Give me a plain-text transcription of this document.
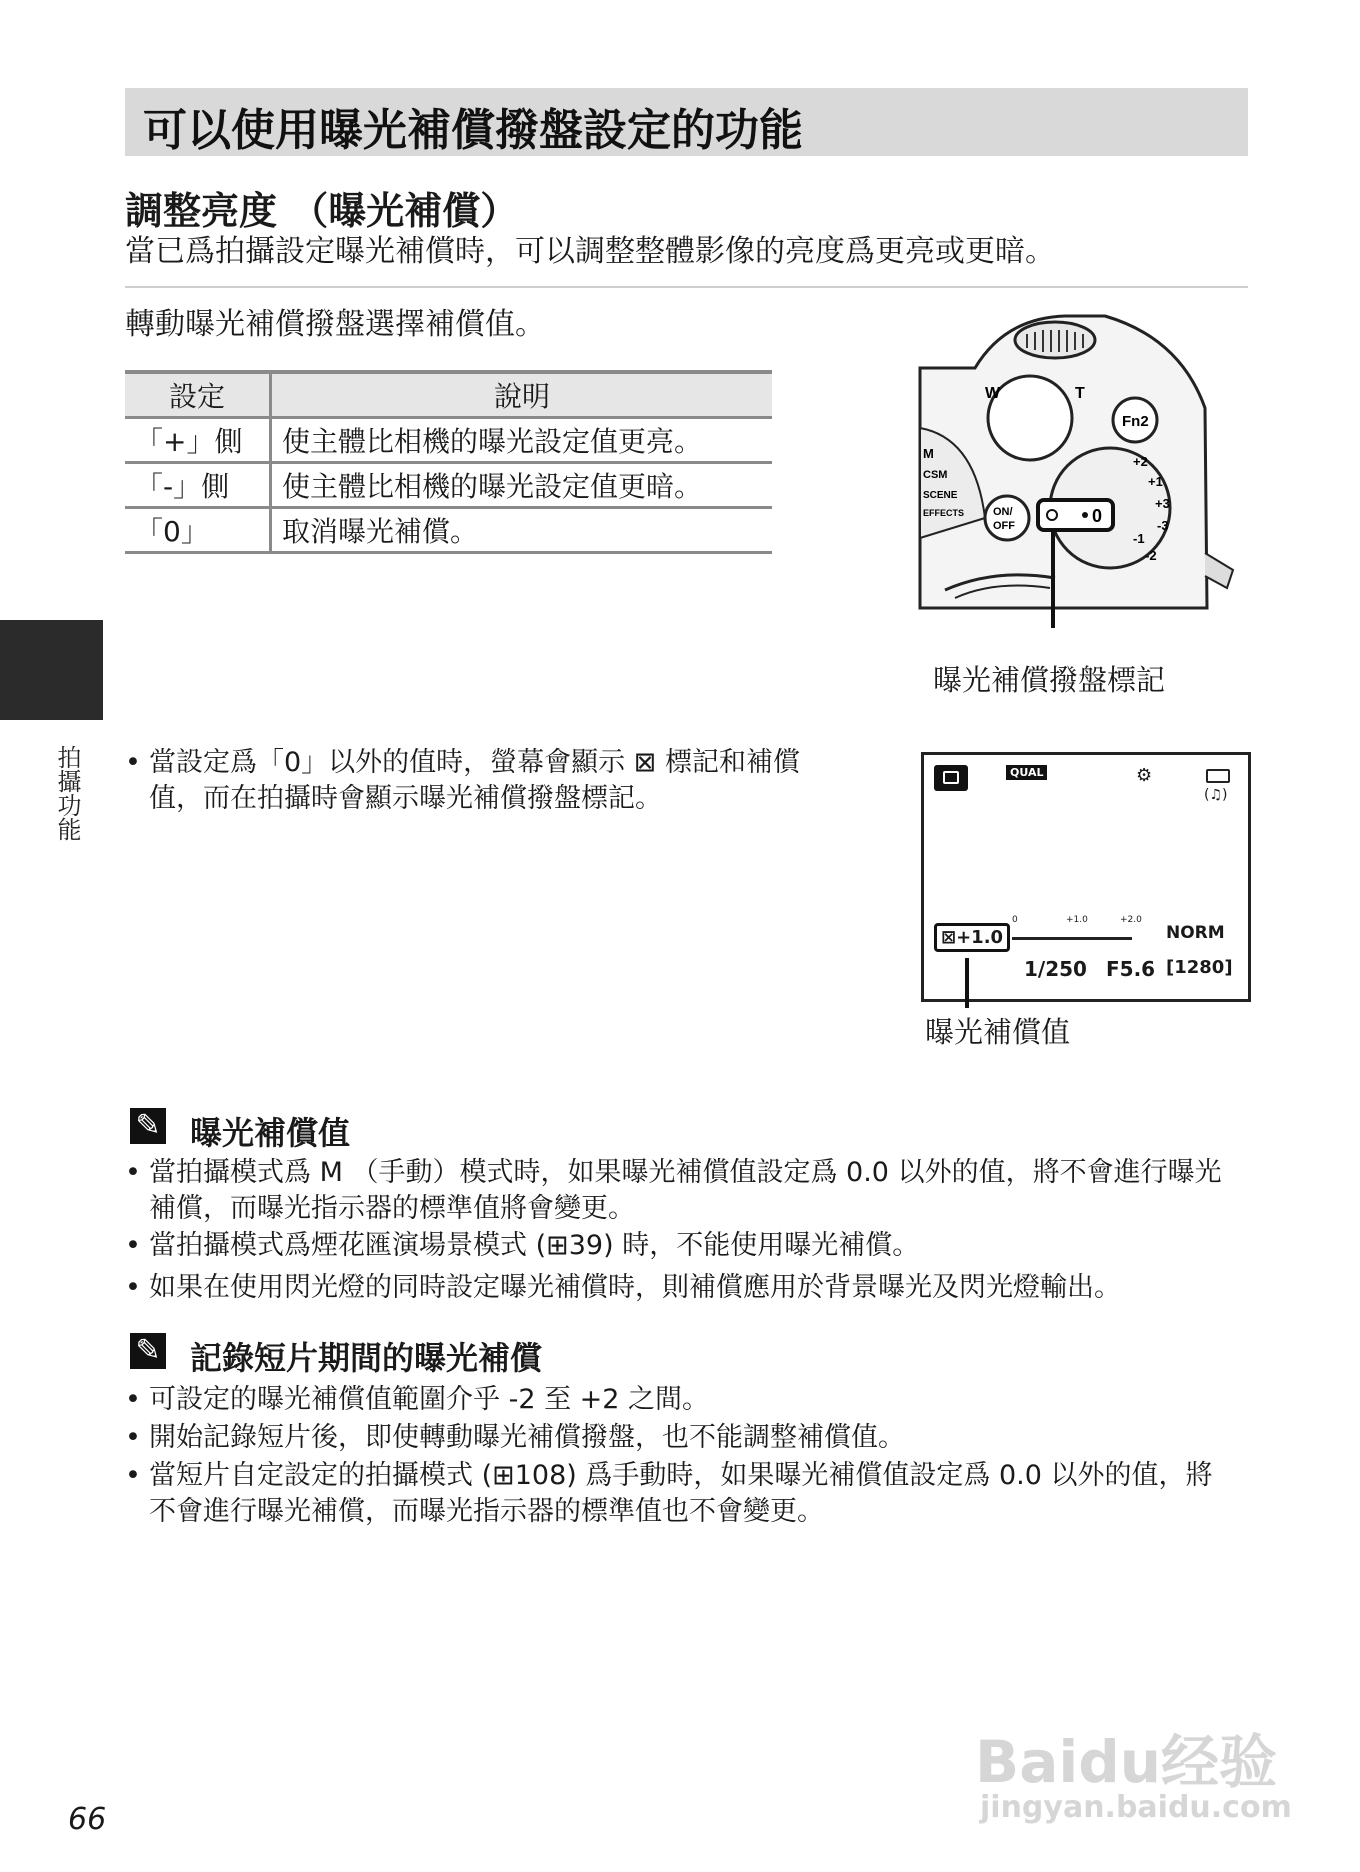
拍攝功能
可以使用曝光補償撥盤設定的功能
調整亮度 （曝光補償）
當已爲拍攝設定曝光補償時，可以調整整體影像的亮度爲更亮或更暗。
轉動曝光補償撥盤選擇補償值。
設定	說明
「+」側	使主體比相機的曝光設定值更亮。
「-」側	使主體比相機的曝光設定值更暗。
「0」	取消曝光補償。
W	T
Fn2
M
CSM
SCENE
EFFECTS	ON/
OFF
+1
+2
+3
-1
-2
-3
0
曝光補償撥盤標記
• 當設定爲「0」以外的值時，螢幕會顯示 ⊠ 標記和補償
值，而在拍攝時會顯示曝光補償撥盤標記。
QUAL	⚙
(♫)
⊠+1.0
0	+1.0	+2.0
NORM
1/250 F5.6 [1280]
曝光補償值
✎ 曝光補償值
• 當拍攝模式爲 M （手動）模式時，如果曝光補償值設定爲 0.0 以外的值，將不會進行曝光
補償，而曝光指示器的標準值將會變更。
• 當拍攝模式爲煙花匯演場景模式 (⊞39) 時，不能使用曝光補償。
• 如果在使用閃光燈的同時設定曝光補償時，則補償應用於背景曝光及閃光燈輸出。
✎ 記錄短片期間的曝光補償
• 可設定的曝光補償值範圍介乎 -2 至 +2 之間。
• 開始記錄短片後，即使轉動曝光補償撥盤，也不能調整補償值。
• 當短片自定設定的拍攝模式 (⊞108) 爲手動時，如果曝光補償值設定爲 0.0 以外的值，將
不會進行曝光補償，而曝光指示器的標準值也不會變更。
Baidu经验
jingyan.baidu.com
66
